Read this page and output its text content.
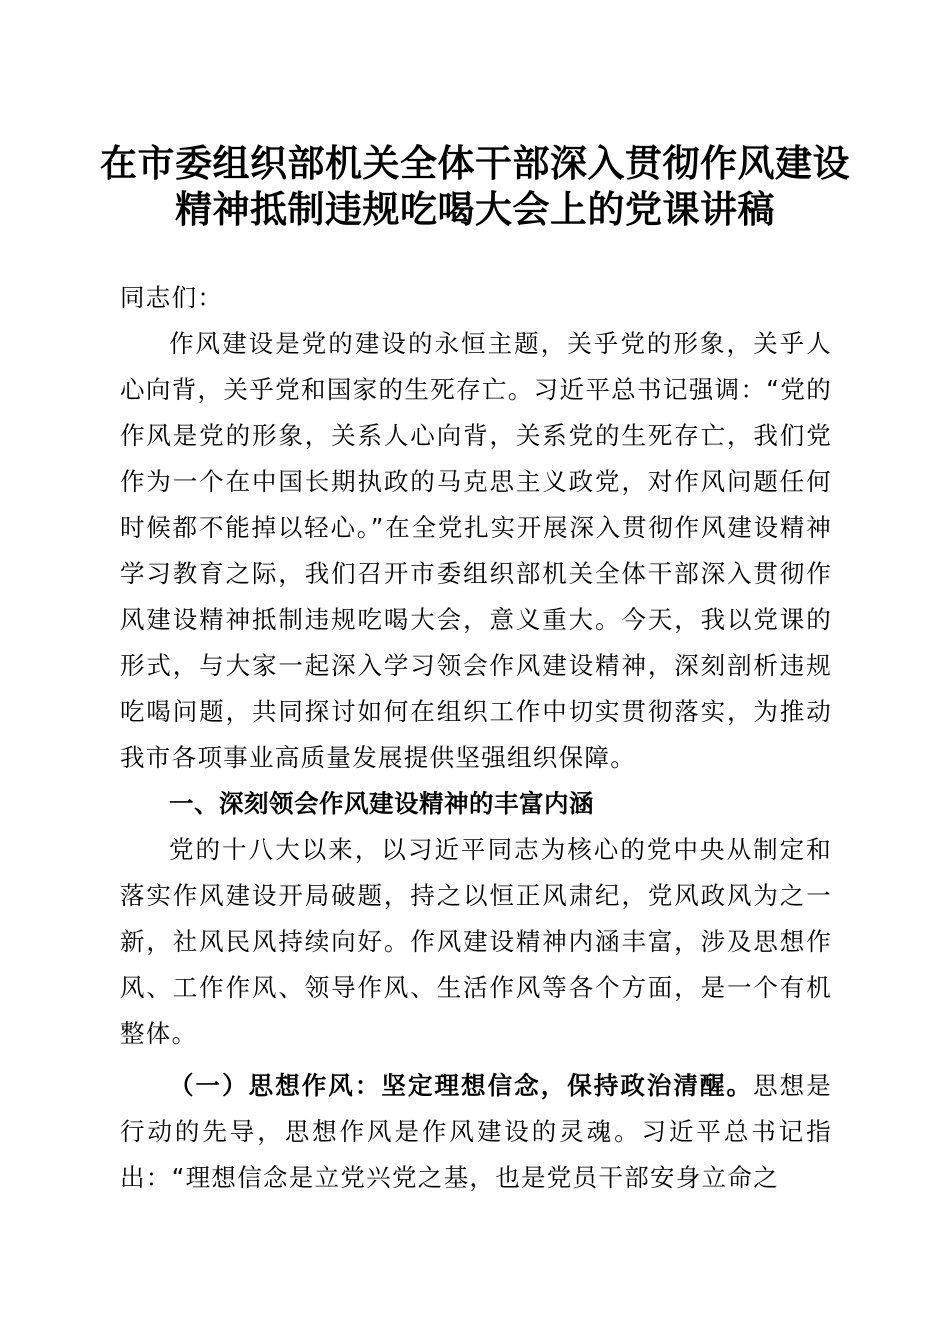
在市委组织部机关全体干部深入贯彻作风建设
精神抵制违规吃喝大会上的党课讲稿

同志们：

作风建设是党的建设的永恒主题，关乎党的形象，关乎人心向背，关乎党和国家的生死存亡。习近平总书记强调：“党的作风是党的形象，关系人心向背，关系党的生死存亡，我们党作为一个在中国长期执政的马克思主义政党，对作风问题任何时候都不能掉以轻心。”在全党扎实开展深入贯彻作风建设精神学习教育之际，我们召开市委组织部机关全体干部深入贯彻作风建设精神抵制违规吃喝大会，意义重大。今天，我以党课的形式，与大家一起深入学习领会作风建设精神，深刻剖析违规吃喝问题，共同探讨如何在组织工作中切实贯彻落实，为推动我市各项事业高质量发展提供坚强组织保障。

一、深刻领会作风建设精神的丰富内涵

党的十八大以来，以习近平同志为核心的党中央从制定和落实作风建设开局破题，持之以恒正风肃纪，党风政风为之一新，社风民风持续向好。作风建设精神内涵丰富，涉及思想作风、工作作风、领导作风、生活作风等各个方面，是一个有机整体。

（一）思想作风：坚定理想信念，保持政治清醒。思想是行动的先导，思想作风是作风建设的灵魂。习近平总书记指出：“理想信念是立党兴党之基，也是党员干部安身立命之
